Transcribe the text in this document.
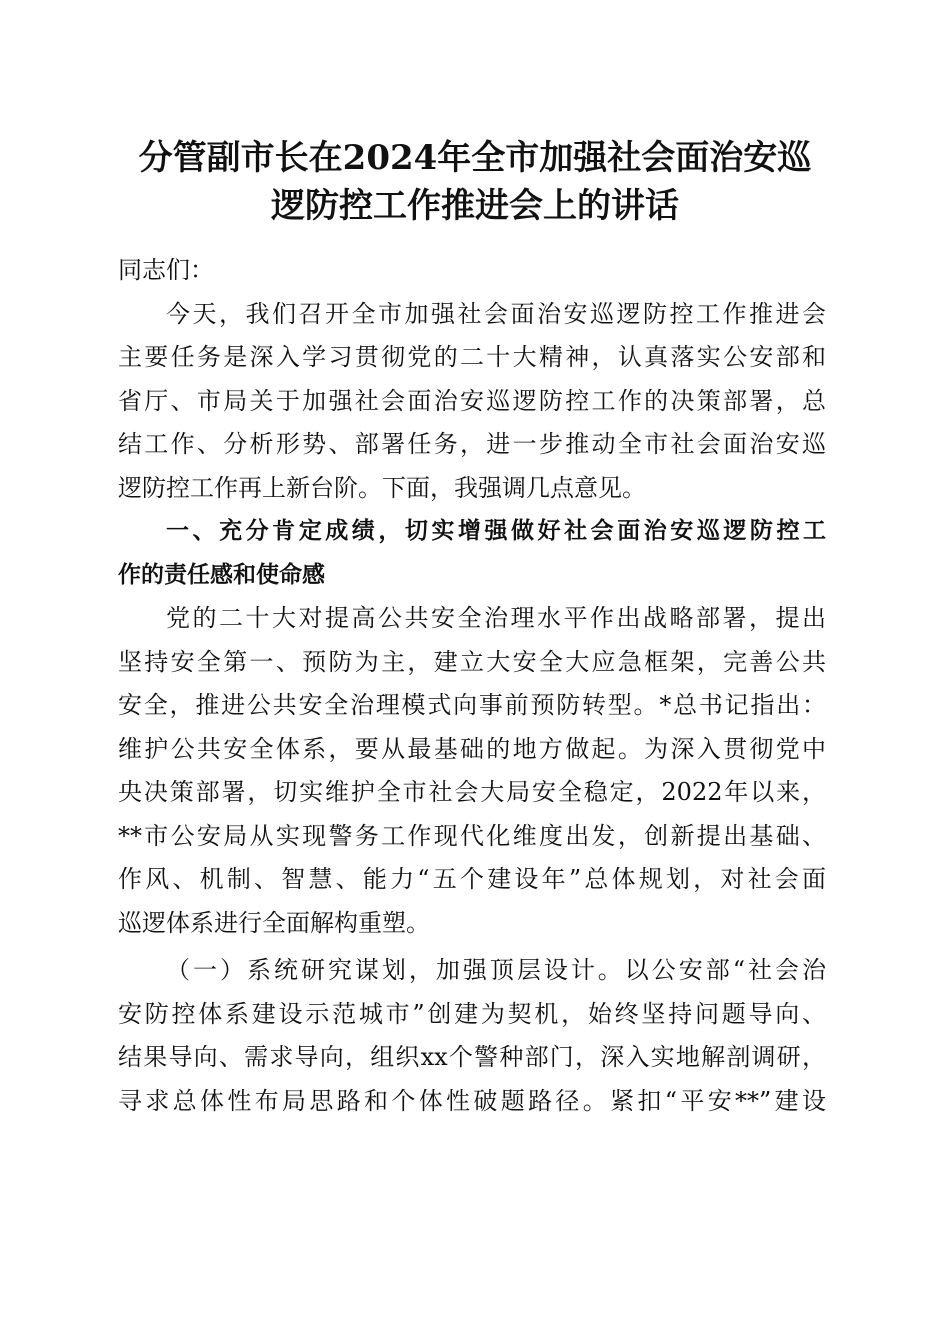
分管副市长在2024年全市加强社会面治安巡
逻防控工作推进会上的讲话
同志们：
今天，我们召开全市加强社会面治安巡逻防控工作推进会
主要任务是深入学习贯彻党的二十大精神，认真落实公安部和
省厅、市局关于加强社会面治安巡逻防控工作的决策部署，总
结工作、分析形势、部署任务，进一步推动全市社会面治安巡
逻防控工作再上新台阶。下面，我强调几点意见。
一、充分肯定成绩，切实增强做好社会面治安巡逻防控工
作的责任感和使命感
党的二十大对提高公共安全治理水平作出战略部署，提出
坚持安全第一、预防为主，建立大安全大应急框架，完善公共
安全，推进公共安全治理模式向事前预防转型。*总书记指出：
维护公共安全体系，要从最基础的地方做起。为深入贯彻党中
央决策部署，切实维护全市社会大局安全稳定，2022年以来，
**市公安局从实现警务工作现代化维度出发，创新提出基础、
作风、机制、智慧、能力“五个建设年”总体规划，对社会面
巡逻体系进行全面解构重塑。
（一）系统研究谋划，加强顶层设计。以公安部“社会治
安防控体系建设示范城市”创建为契机，始终坚持问题导向、
结果导向、需求导向，组织xx个警种部门，深入实地解剖调研，
寻求总体性布局思路和个体性破题路径。紧扣“平安**”建设
